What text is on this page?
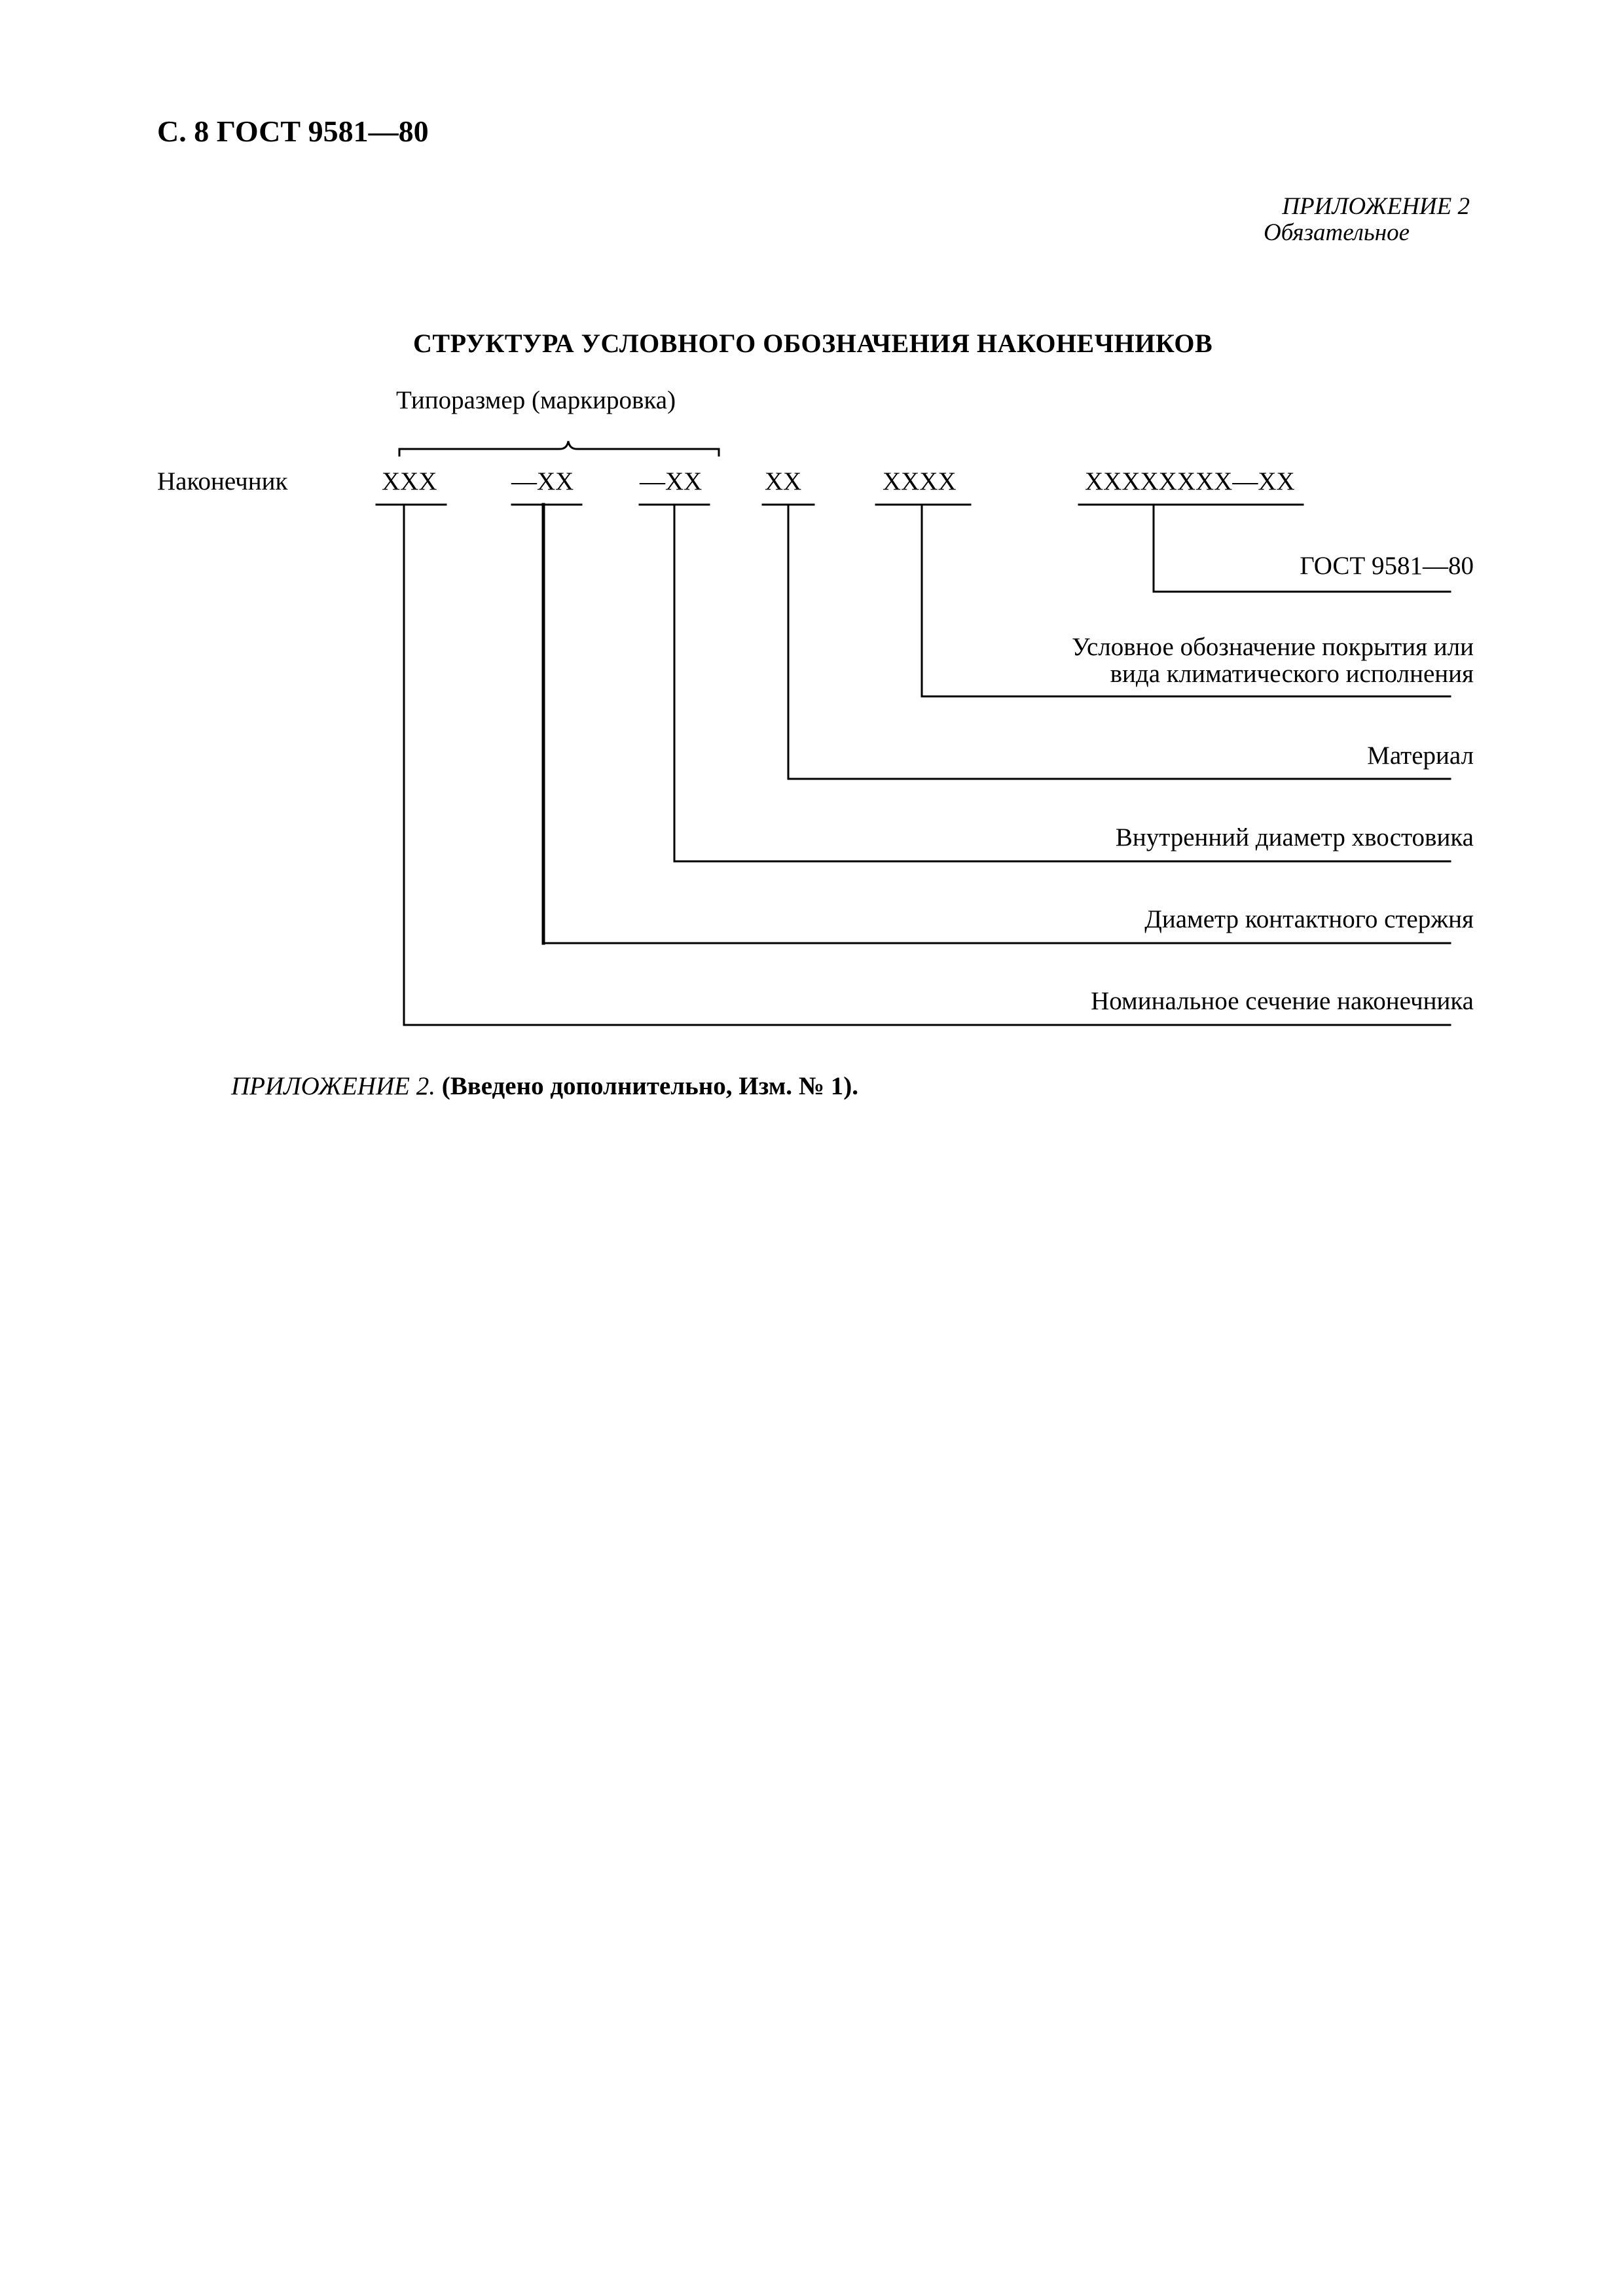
С. 8 ГОСТ 9581—80
ПРИЛОЖЕНИЕ 2
Обязательное
СТРУКТУРА УСЛОВНОГО ОБОЗНАЧЕНИЯ НАКОНЕЧНИКОВ
Типоразмер (маркировка)
Наконечник	XXX	—XX	—XX XX	XXXX	XXXXXXXX—XX
ГОСТ 9581—80
Условное обозначение покрытия или
вида климатического исполнения
Материал
Внутренний диаметр хвостовика
Диаметр контактного стержня
Номинальное сечение наконечника
ПРИЛОЖЕНИЕ 2. (Введено дополнительно, Изм. № 1).
